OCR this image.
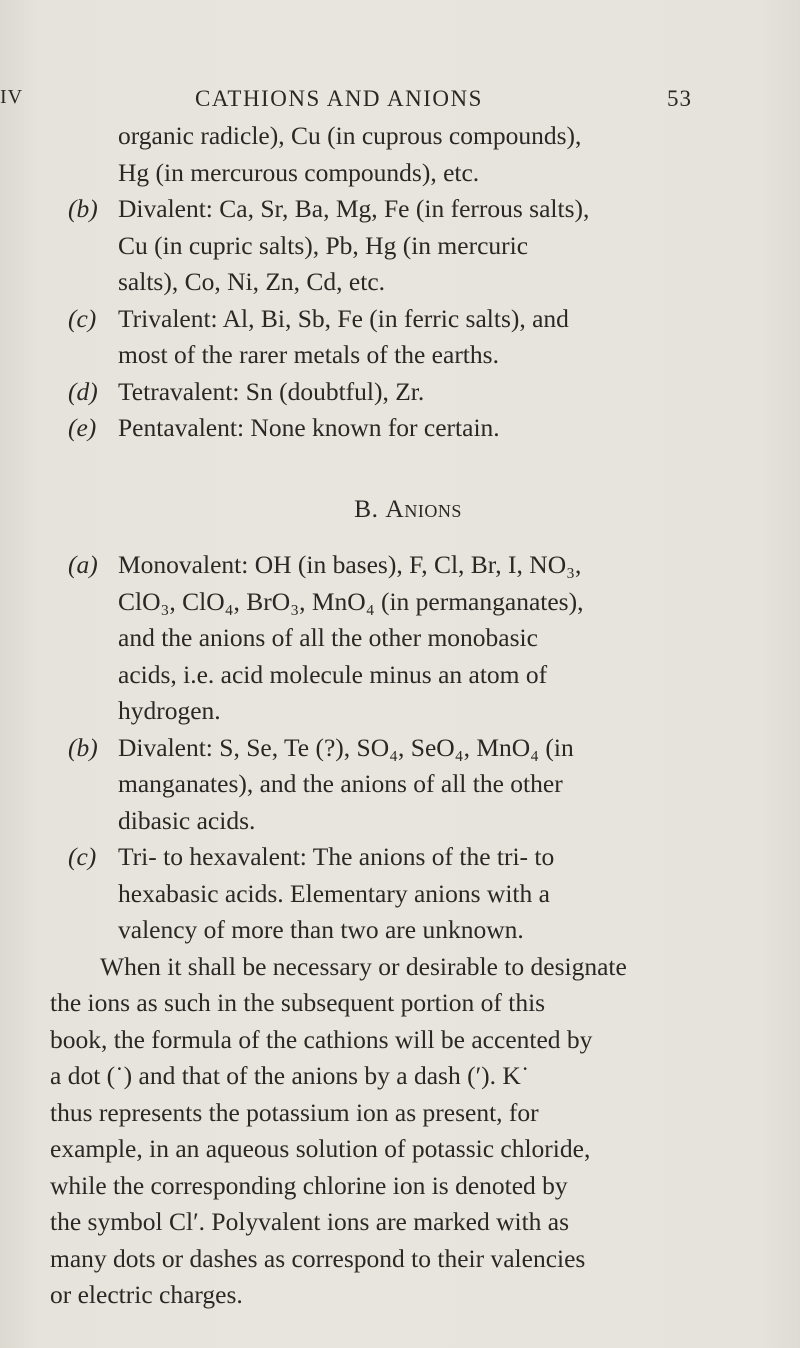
IV	CATHIONS AND ANIONS	53
organic radicle), Cu (in cuprous compounds),
Hg (in mercurous compounds), etc.
(b) Divalent: Ca, Sr, Ba, Mg, Fe (in ferrous salts),
Cu (in cupric salts), Pb, Hg (in mercuric
salts), Co, Ni, Zn, Cd, etc.
(c) Trivalent: Al, Bi, Sb, Fe (in ferric salts), and
most of the rarer metals of the earths.
(d) Tetravalent: Sn (doubtful), Zr.
(e) Pentavalent: None known for certain.
B. Anions
(a) Monovalent: OH (in bases), F, Cl, Br, I, NO₃,
ClO₃, ClO₄, BrO₃, MnO₄ (in permanganates),
and the anions of all the other monobasic
acids, i.e. acid molecule minus an atom of
hydrogen.
(b) Divalent: S, Se, Te (?), SO₄, SeO₄, MnO₄ (in
manganates), and the anions of all the other
dibasic acids.
(c) Tri- to hexavalent: The anions of the tri- to
hexabasic acids. Elementary anions with a
valency of more than two are unknown.
When it shall be necessary or desirable to designate
the ions as such in the subsequent portion of this
book, the formula of the cathions will be accented by
a dot (˙) and that of the anions by a dash (′). K˙
thus represents the potassium ion as present, for
example, in an aqueous solution of potassic chloride,
while the corresponding chlorine ion is denoted by
the symbol Cl′. Polyvalent ions are marked with as
many dots or dashes as correspond to their valencies
or electric charges.
